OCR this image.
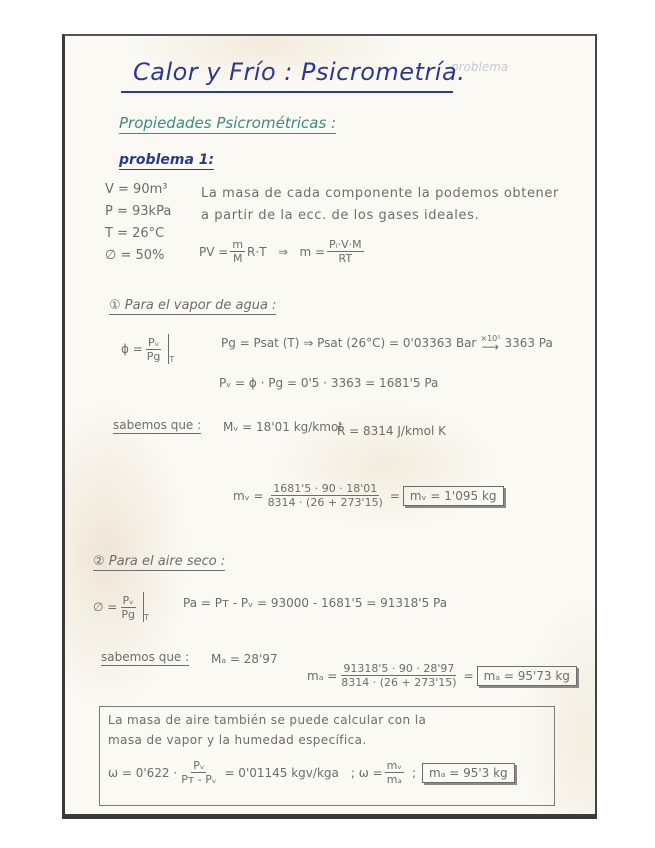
problema
Calor y Frío : Psicrometría.
Propiedades Psicrométricas :
problema 1:
V = 90m³
P = 93kPa
T = 26°C
∅ = 50%
La masa de cada componente la podemos obtener
a partir de la ecc. de los gases ideales.
PV = $\frac{m}{M} R\cdot T$   ⇒   $m = \frac{\text{Pᵢ·V·M}}{RT}$
① Para el vapor de agua :
$\phi = \frac{\text{Pᵥ}}{Pg}$ T
Pg = Psat (T) ⇒ Psat (26°C) = 0'03363 Bar ×10⁵
⟶ 3363 Pa
Pᵥ = ϕ · Pg = 0'5 · 3363 = 1681'5 Pa
sabemos que : Mᵥ = 18'01 kg/kmol
R̄ = 8314 J/kmol K
mᵥ = $\frac{1681'5 \cdot 90 \cdot 18'01}{8314 \cdot (26 + 273'15)}$ = mᵥ = 1'095 kg
② Para el aire seco :
∅ = $\frac{\text{Pᵥ}}{Pg}$ T
Pa = Pᴛ - Pᵥ = 93000 - 1681'5 = 91318'5 Pa
sabemos que : Mₐ = 28'97
$m_a = \frac{91318'5 \cdot 90 \cdot 28'97}{8314 \cdot (26 + 273'15)} = m_a = 95'73$ kg
La masa de aire también se puede calcular con la
masa de vapor y la humedad específica.
$\omega = 0'622 \cdot \frac{\text{Pᵥ}}{\text{Pᴛ - Pᵥ}} = 0'01145$ kgv/kga ; $\omega = \frac{\text{mᵥ}}{\text{mₐ}}$ ;	mₐ = 95'3 kg
